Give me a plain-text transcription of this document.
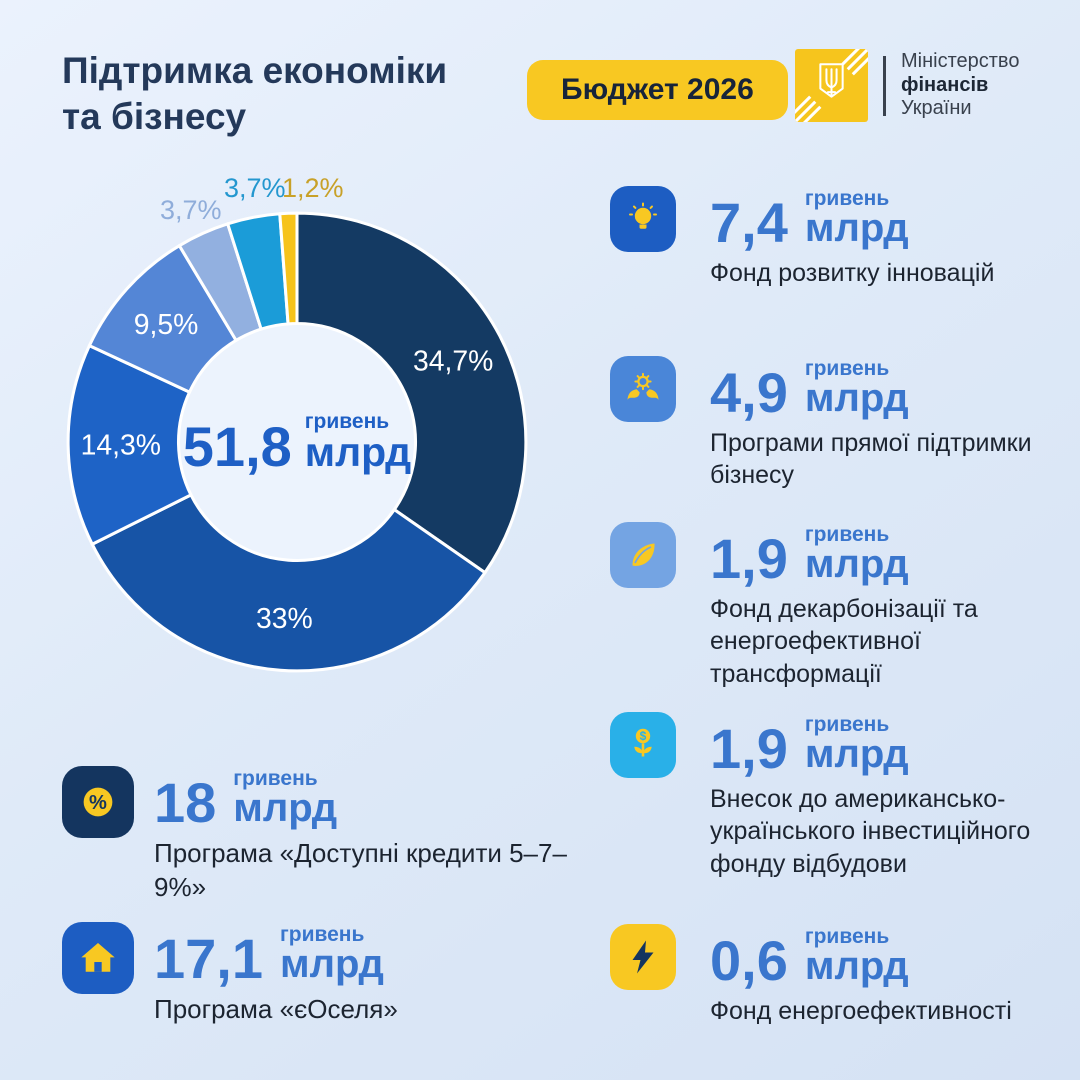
Підтримка економіки
та бізнесу
Бюджет 2026
Міністерство
фінансів
України
34,7%
33%
14,3%
9,5%
51,8 гривень
млрд
3,7%
3,7%
1,2%
7,4 гривень
млрд
Фонд розвитку інновацій
4,9 гривень
млрд
Програми прямої підтримки бізнесу
1,9 гривень
млрд
Фонд декарбонізації та енергоефективної трансформації
$ 1,9 гривень
млрд
Внесок до американсько-українського інвестиційного фонду відбудови
0,6 гривень
млрд
Фонд енергоефективності
% 18 гривень
млрд
Програма «Доступні кредити 5–7–9%»
17,1 гривень
млрд
Програма «єОселя»
